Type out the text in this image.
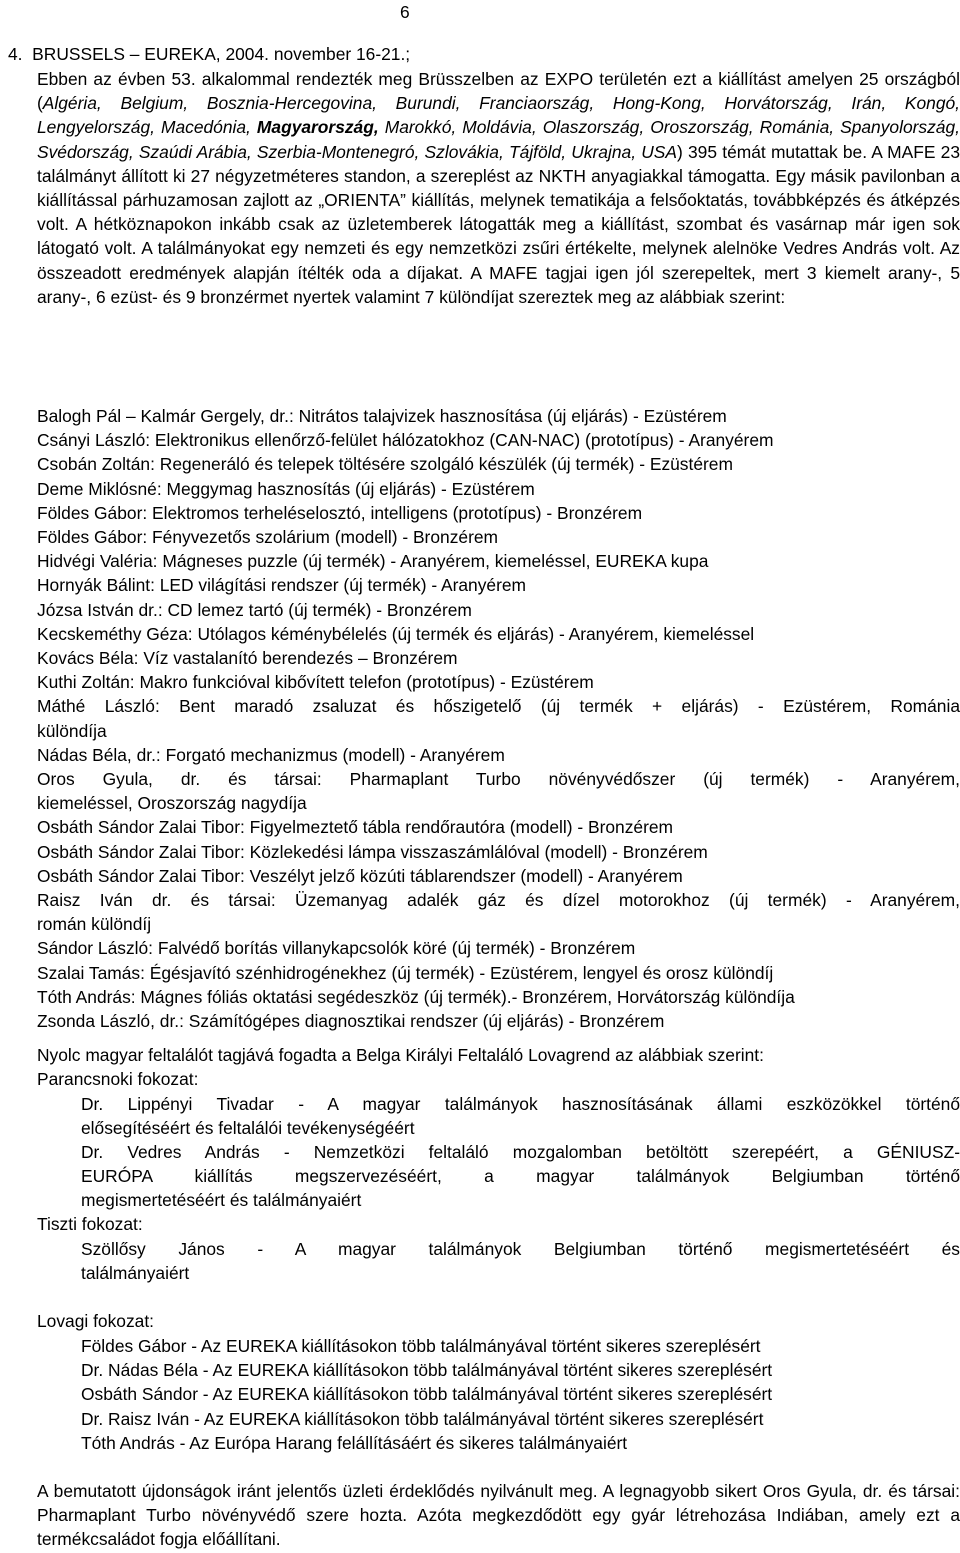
6
4.  BRUSSELS – EUREKA, 2004. november 16-21.;

Ebben az évben 53. alkalommal rendezték meg Brüsszelben az EXPO területén ezt a kiállítást amelyen 25 országból (Algéria, Belgium, Bosznia-Hercegovina, Burundi, Franciaország, Hong-Kong, Horvátország, Irán, Kongó, Lengyelország, Macedónia, Magyarország, Marokkó, Moldávia, Olaszország, Oroszország, Románia, Spanyolország, Svédország, Szaúdi Arábia, Szerbia-Montenegró, Szlovákia, Tájföld, Ukrajna, USA) 395 témát mutattak be. A MAFE 23 találmányt állított ki 27 négyzetméteres standon, a szereplést az NKTH anyagiakkal támogatta. Egy másik pavilonban a kiállítással párhuzamosan zajlott az „ORIENTA” kiállítás, melynek tematikája a felsőoktatás, továbbképzés és átképzés volt. A hétköznapokon inkább csak az üzletemberek látogatták meg a kiállítást, szombat és vasárnap már igen sok látogató volt. A találmányokat egy nemzeti és egy nemzetközi zsűri értékelte, melynek alelnöke Vedres András volt. Az összeadott eredmények alapján ítélték oda a díjakat. A MAFE tagjai igen jól szerepeltek, mert 3 kiemelt arany-, 5 arany-, 6 ezüst- és 9 bronzérmet nyertek valamint 7 különdíjat szereztek meg az alábbiak szerint:

Balogh Pál – Kalmár Gergely, dr.: Nitrátos talajvizek hasznosítása (új eljárás) - Ezüstérem
Csányi László: Elektronikus ellenőrző-felület hálózatokhoz (CAN-NAC) (prototípus) - Aranyérem
Csobán Zoltán: Regeneráló és telepek töltésére szolgáló készülék (új termék) - Ezüstérem
Deme Miklósné: Meggymag hasznosítás (új eljárás) - Ezüstérem
Földes Gábor: Elektromos terheléselosztó, intelligens (prototípus) - Bronzérem
Földes Gábor: Fényvezetős szolárium (modell) - Bronzérem
Hidvégi Valéria: Mágneses puzzle (új termék) - Aranyérem, kiemeléssel, EUREKA kupa
Hornyák Bálint: LED világítási rendszer (új termék) - Aranyérem
Józsa István dr.: CD lemez tartó (új termék) - Bronzérem
Kecskeméthy Géza: Utólagos kéménybélelés (új termék és eljárás) - Aranyérem, kiemeléssel
Kovács Béla: Víz vastalanító berendezés – Bronzérem
Kuthi Zoltán: Makro funkcióval kibővített telefon (prototípus) - Ezüstérem
Máthé László: Bent maradó zsaluzat és hőszigetelő (új termék + eljárás) - Ezüstérem, Románia
különdíja
Nádas Béla, dr.: Forgató mechanizmus (modell) - Aranyérem
Oros Gyula, dr. és társai: Pharmaplant Turbo növényvédőszer (új termék) - Aranyérem,
kiemeléssel, Oroszország nagydíja
Osbáth Sándor Zalai Tibor: Figyelmeztető tábla rendőrautóra (modell) - Bronzérem
Osbáth Sándor Zalai Tibor: Közlekedési lámpa visszaszámlálóval (modell) - Bronzérem
Osbáth Sándor Zalai Tibor: Veszélyt jelző közúti táblarendszer (modell) - Aranyérem
Raisz Iván dr. és társai: Üzemanyag adalék gáz és dízel motorokhoz (új termék) - Aranyérem,
román különdíj
Sándor László: Falvédő borítás villanykapcsolók köré (új termék) - Bronzérem
Szalai Tamás: Égésjavító szénhidrogénekhez (új termék) - Ezüstérem, lengyel és orosz különdíj
Tóth András: Mágnes fóliás oktatási segédeszköz (új termék).- Bronzérem, Horvátország különdíja
Zsonda László, dr.: Számítógépes diagnosztikai rendszer (új eljárás) - Bronzérem
Nyolc magyar feltalálót tagjává fogadta a Belga Királyi Feltaláló Lovagrend az alábbiak szerint:
Parancsnoki fokozat:
Dr. Lippényi Tivadar - A magyar találmányok hasznosításának állami eszközökkel történő
elősegítéséért és feltalálói tevékenységéért
Dr. Vedres András - Nemzetközi feltaláló mozgalomban betöltött szerepéért, a GÉNIUSZ-
EURÓPA kiállítás megszervezéséért, a magyar találmányok Belgiumban történő
megismertetéséért és találmányaiért
Tiszti fokozat:
Szöllősy János - A magyar találmányok Belgiumban történő megismertetéséért és
találmányaiért
Lovagi fokozat:
Földes Gábor - Az EUREKA kiállításokon több találmányával történt sikeres szereplésért
Dr. Nádas Béla - Az EUREKA kiállításokon több találmányával történt sikeres szereplésért
Osbáth Sándor - Az EUREKA kiállításokon több találmányával történt sikeres szereplésért
Dr. Raisz Iván - Az EUREKA kiállításokon több találmányával történt sikeres szereplésért
Tóth András - Az Európa Harang felállításáért és sikeres találmányaiért

A bemutatott újdonságok iránt jelentős üzleti érdeklődés nyilvánult meg. A legnagyobb sikert Oros Gyula, dr. és társai: Pharmaplant Turbo növényvédő szere hozta. Azóta megkezdődött egy gyár létrehozása Indiában, amely ezt a termékcsaládot fogja előállítani.
